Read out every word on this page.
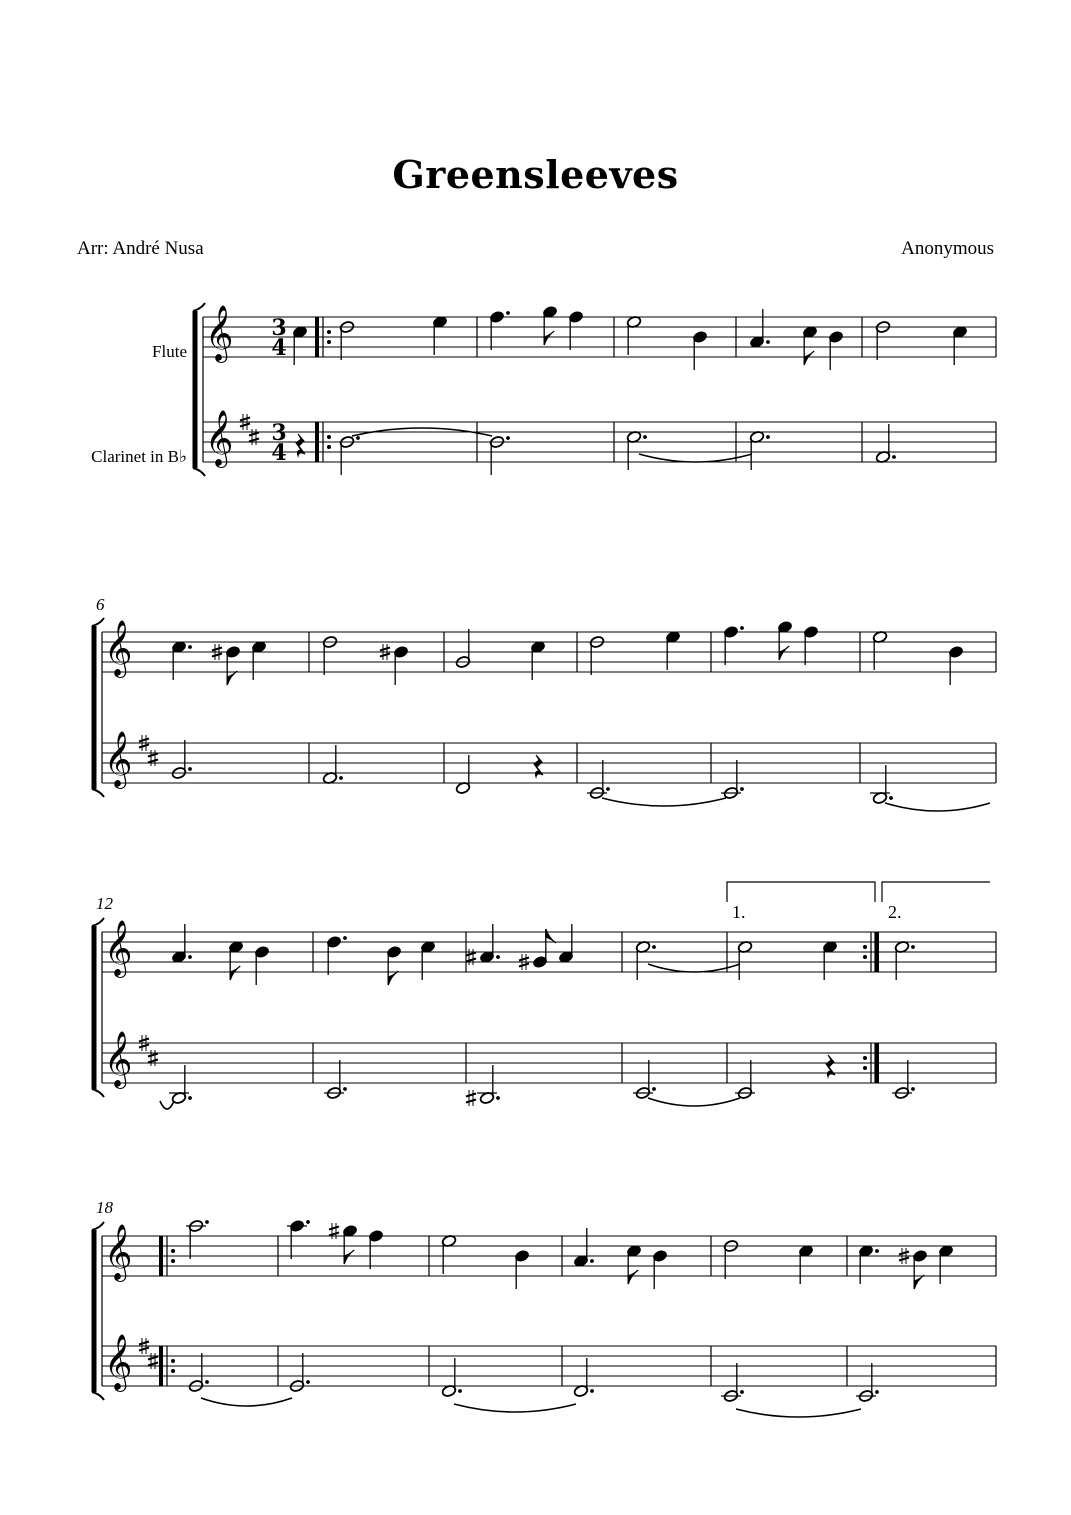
Greensleeves
Arr: André Nusa	Anonymous
Flute
Clarinet in B♭
6
12
18
1.	2.
𝄞
𝄞
𝄞
𝄞
𝄞
𝄞
𝄞
𝄞
3
4
3
4
